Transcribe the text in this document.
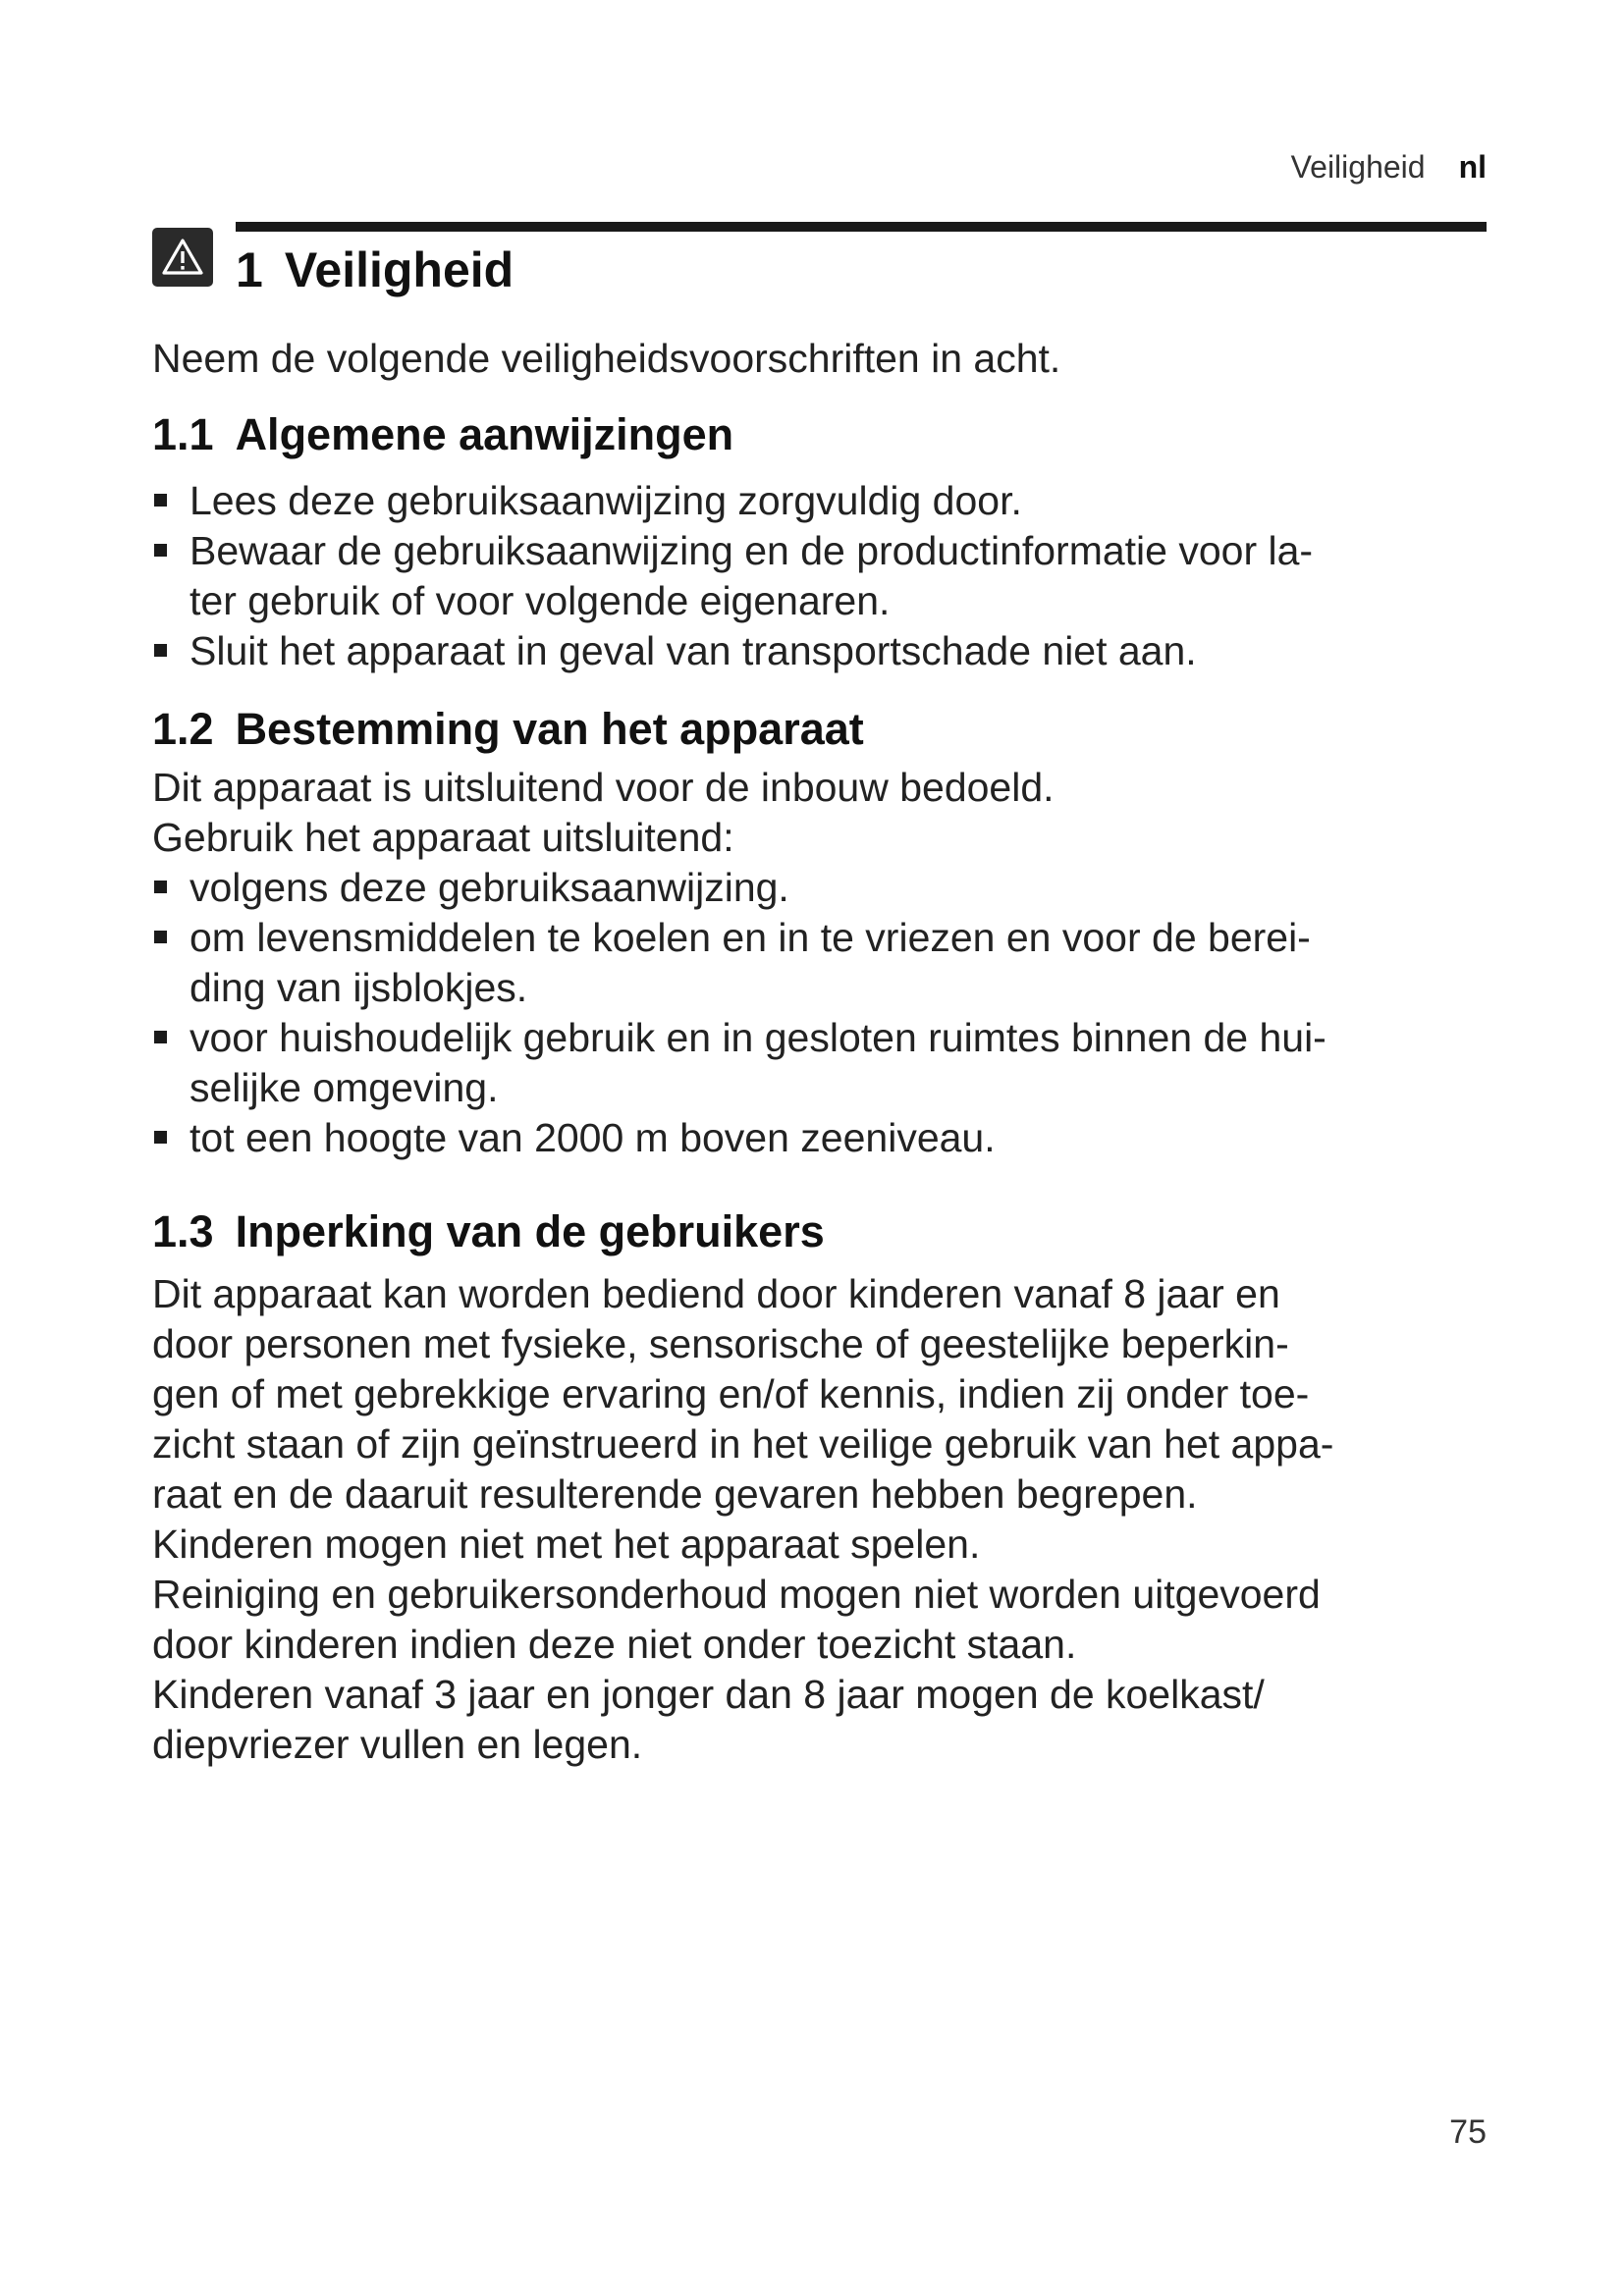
Veiligheid nl
1 Veiligheid

Neem de volgende veiligheidsvoorschriften in acht.

1.1 Algemene aanwijzingen
Lees deze gebruiksaanwijzing zorgvuldig door.
Bewaar de gebruiksaanwijzing en de productinformatie voor la-
ter gebruik of voor volgende eigenaren.
Sluit het apparaat in geval van transportschade niet aan.
1.2 Bestemming van het apparaat

Dit apparaat is uitsluitend voor de inbouw bedoeld.

Gebruik het apparaat uitsluitend:

volgens deze gebruiksaanwijzing.
om levensmiddelen te koelen en in te vriezen en voor de berei-
ding van ijsblokjes.
voor huishoudelijk gebruik en in gesloten ruimtes binnen de hui-
selijke omgeving.
tot een hoogte van 2000 m boven zeeniveau.
1.3 Inperking van de gebruikers

Dit apparaat kan worden bediend door kinderen vanaf 8 jaar en

door personen met fysieke, sensorische of geestelijke beperkin-

gen of met gebrekkige ervaring en/of kennis, indien zij onder toe-

zicht staan of zijn geïnstrueerd in het veilige gebruik van het appa-

raat en de daaruit resulterende gevaren hebben begrepen.

Kinderen mogen niet met het apparaat spelen.

Reiniging en gebruikersonderhoud mogen niet worden uitgevoerd

door kinderen indien deze niet onder toezicht staan.

Kinderen vanaf 3 jaar en jonger dan 8 jaar mogen de koelkast/

diepvriezer vullen en legen.

75
